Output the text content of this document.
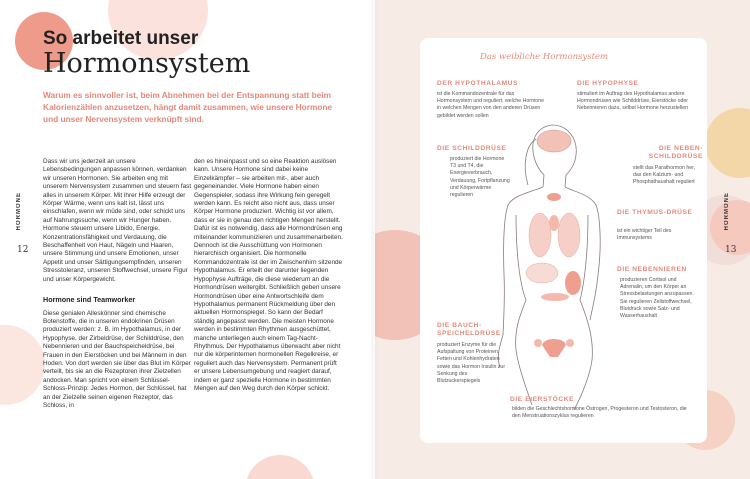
So arbeitet unser
Hormonsystem
Warum es sinnvoller ist, beim Abnehmen bei der Entspannung statt beim Kalorienzählen anzusetzen, hängt damit zusammen, wie unsere Hormone und unser Nervensystem verknüpft sind.

Dass wir uns jederzeit an unsere Lebensbedingungen anpassen können, verdanken wir unseren Hormonen. Sie arbeiten eng mit unserem Nervensystem zusammen und steuern fast alles in unserem Körper. Mit ihrer Hilfe erzeugt der Körper Wärme, wenn uns kalt ist, lässt uns einschlafen, wenn wir müde sind, oder schickt uns auf Nahrungssuche, wenn wir Hunger haben. Hormone steuern unsere Libido, Energie, Konzentrationsfähigkeit und Verdauung, die Beschaffenheit von Haut, Nägeln und Haaren, unsere Stimmung und unsere Emotionen, unser Appetit und unser Sättigungsempfinden, unseren Stresstoleranz, unseren Stoffwechsel, unsere Figur und unser Körpergewicht.

Hormone sind Teamworker

Diese genialen Alleskönner sind chemische Botenstoffe, die in unseren endokrinen Drüsen produziert werden: z. B. im Hypothalamus, in der Hypophyse, der Zirbeldrüse, der Schilddrüse, den Nebennieren und der Bauchspeicheldrüse, bei Frauen in den Eierstöcken und bei Männern in den Hoden. Von dort werden sie über das Blut im Körper verteilt, bis sie an die Rezeptoren ihrer Zielzellen andocken. Man spricht von einem Schlüssel-Schloss-Prinzip: Jedes Hormon, der Schlüssel, hat an der Zielzelle seinen eigenen Rezeptor, das Schloss, in

den es hineinpasst und so eine Reaktion auslösen kann. Unsere Hormone sind dabei keine Einzelkämpfer – sie arbeiten mit-, aber auch gegeneinander. Viele Hormone haben einen Gegenspieler, sodass ihre Wirkung fein geregelt werden kann. Es reicht also nicht aus, dass unser Körper Hormone produziert. Wichtig ist vor allem, dass er sie in genau den richtigen Mengen herstellt. Dafür ist es notwendig, dass alle Hormondrüsen eng miteinander kommunizieren und zusammenarbeiten. Dennoch ist die Ausschüttung von Hormonen hierarchisch organisiert. Die hormonelle Kommandozentrale ist der im Zwischenhirn sitzende Hypothalamus. Er erteilt der darunter liegenden Hypophyse Aufträge, die diese wiederum an die Hormondrüsen weitergibt. Schließlich geben unsere Hormondrüsen über eine Antwortschleife dem Hypothalamus permanent Rückmeldung über den aktuellen Hormonspiegel. So kann der Bedarf ständig angepasst werden. Die meisten Hormone werden in bestimmten Rhythmen ausgeschüttet, manche unterliegen auch einem Tag-Nacht-Rhythmus. Der Hypothalamus überwacht aber nicht nur die körperinternen hormonellen Regelkreise, er reguliert auch das Nervensystem. Permanent prüft er unsere Lebensumgebung und reagiert darauf, indem er ganz spezielle Hormone in bestimmten Mengen auf den Weg durch den Körper schickt.

HORMONE
12
Das weibliche Hormonsystem
DER HYPOTHALAMUS
ist die Kommandozentrale für das Hormonsystem und reguliert, welche Hormone in welchen Mengen von den anderen Drüsen gebildet werden sollen
DIE HYPOPHYSE
stimuliert im Auftrag des Hypothalamus andere Hormondrüsen wie Schilddrüse, Eierstöcke oder Nebennieren dazu, selbst Hormone herzustellen
DIE SCHILDDRÜSE
produziert die Hormone T3 und T4, die Energieverbrauch, Verdauung, Fortpflanzung und Körperwärme regulieren
DIE NEBEN-SCHILDDRÜSE
stellt das Parathormon her, das den Kalzium- und Phosphathaushalt reguliert
DIE THYMUS-DRÜSE
ist ein wichtiger Teil des Immunsystems
DIE NEBENNIEREN
produzieren Cortisol und Adrenalin, um den Körper an Stressbelastungen anzupassen. Sie regulieren Zellstoffwechsel, Blutdruck sowie Salz- und Wasserhaushalt
DIE BAUCH-SPEICHELDRÜSE
produziert Enzyme für die Aufspaltung von Proteinen, Fetten und Kohlenhydraten sowie das Hormon Insulin zur Senkung des Blutzuckerspiegels
DIE EIERSTÖCKE
bilden die Geschlechtshormone Östrogen, Progesteron und Testosteron, die den Menstruationszyklus regulieren
HORMONE
13
